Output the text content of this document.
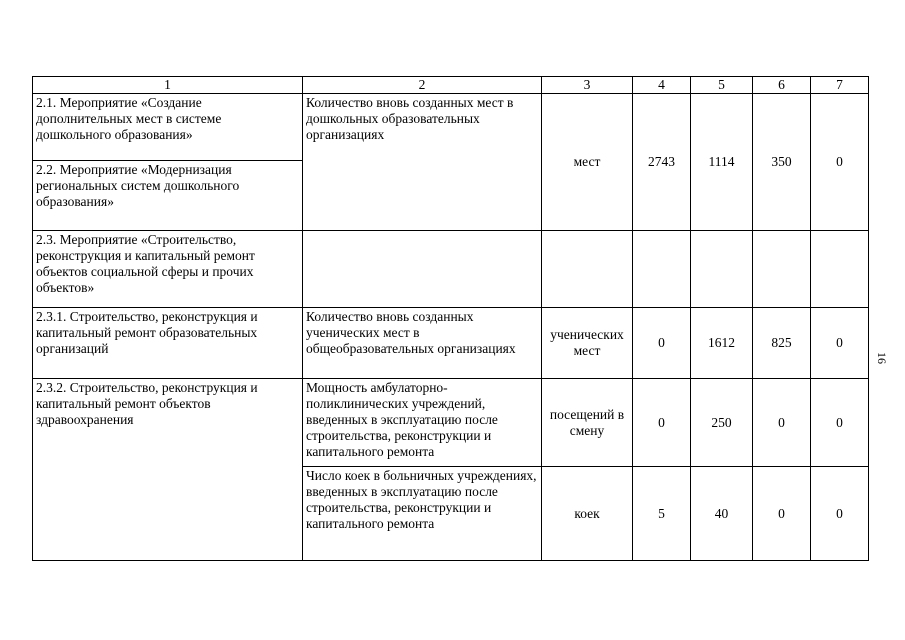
1	2	3	4	5	6	7
2.1. Мероприятие «Создание дополнительных мест в системе дошкольного образования»	Количество вновь созданных мест в дошкольных образовательных организациях	мест	2743	1114	350	0
2.2. Мероприятие «Модернизация региональных систем дошкольного образования»						
2.3. Мероприятие «Строительство, реконструкция и капитальный ремонт объектов социальной сферы и прочих объектов»						
2.3.1. Строительство, реконструкция и капитальный ремонт образовательных организаций	Количество вновь созданных ученических мест в общеобразовательных организациях	ученических мест	0	1612	825	0
2.3.2. Строительство, реконструкция и капитальный ремонт объектов здравоохранения	Мощность амбулаторно-поликлинических учреждений, введенных в эксплуатацию после строительства, реконструкции и капитального ремонта	посещений в смену	0	250	0	0
	Число коек в больничных учреждениях, введенных в эксплуатацию после строительства, реконструкции и капитального ремонта	коек	5	40	0	0
16
